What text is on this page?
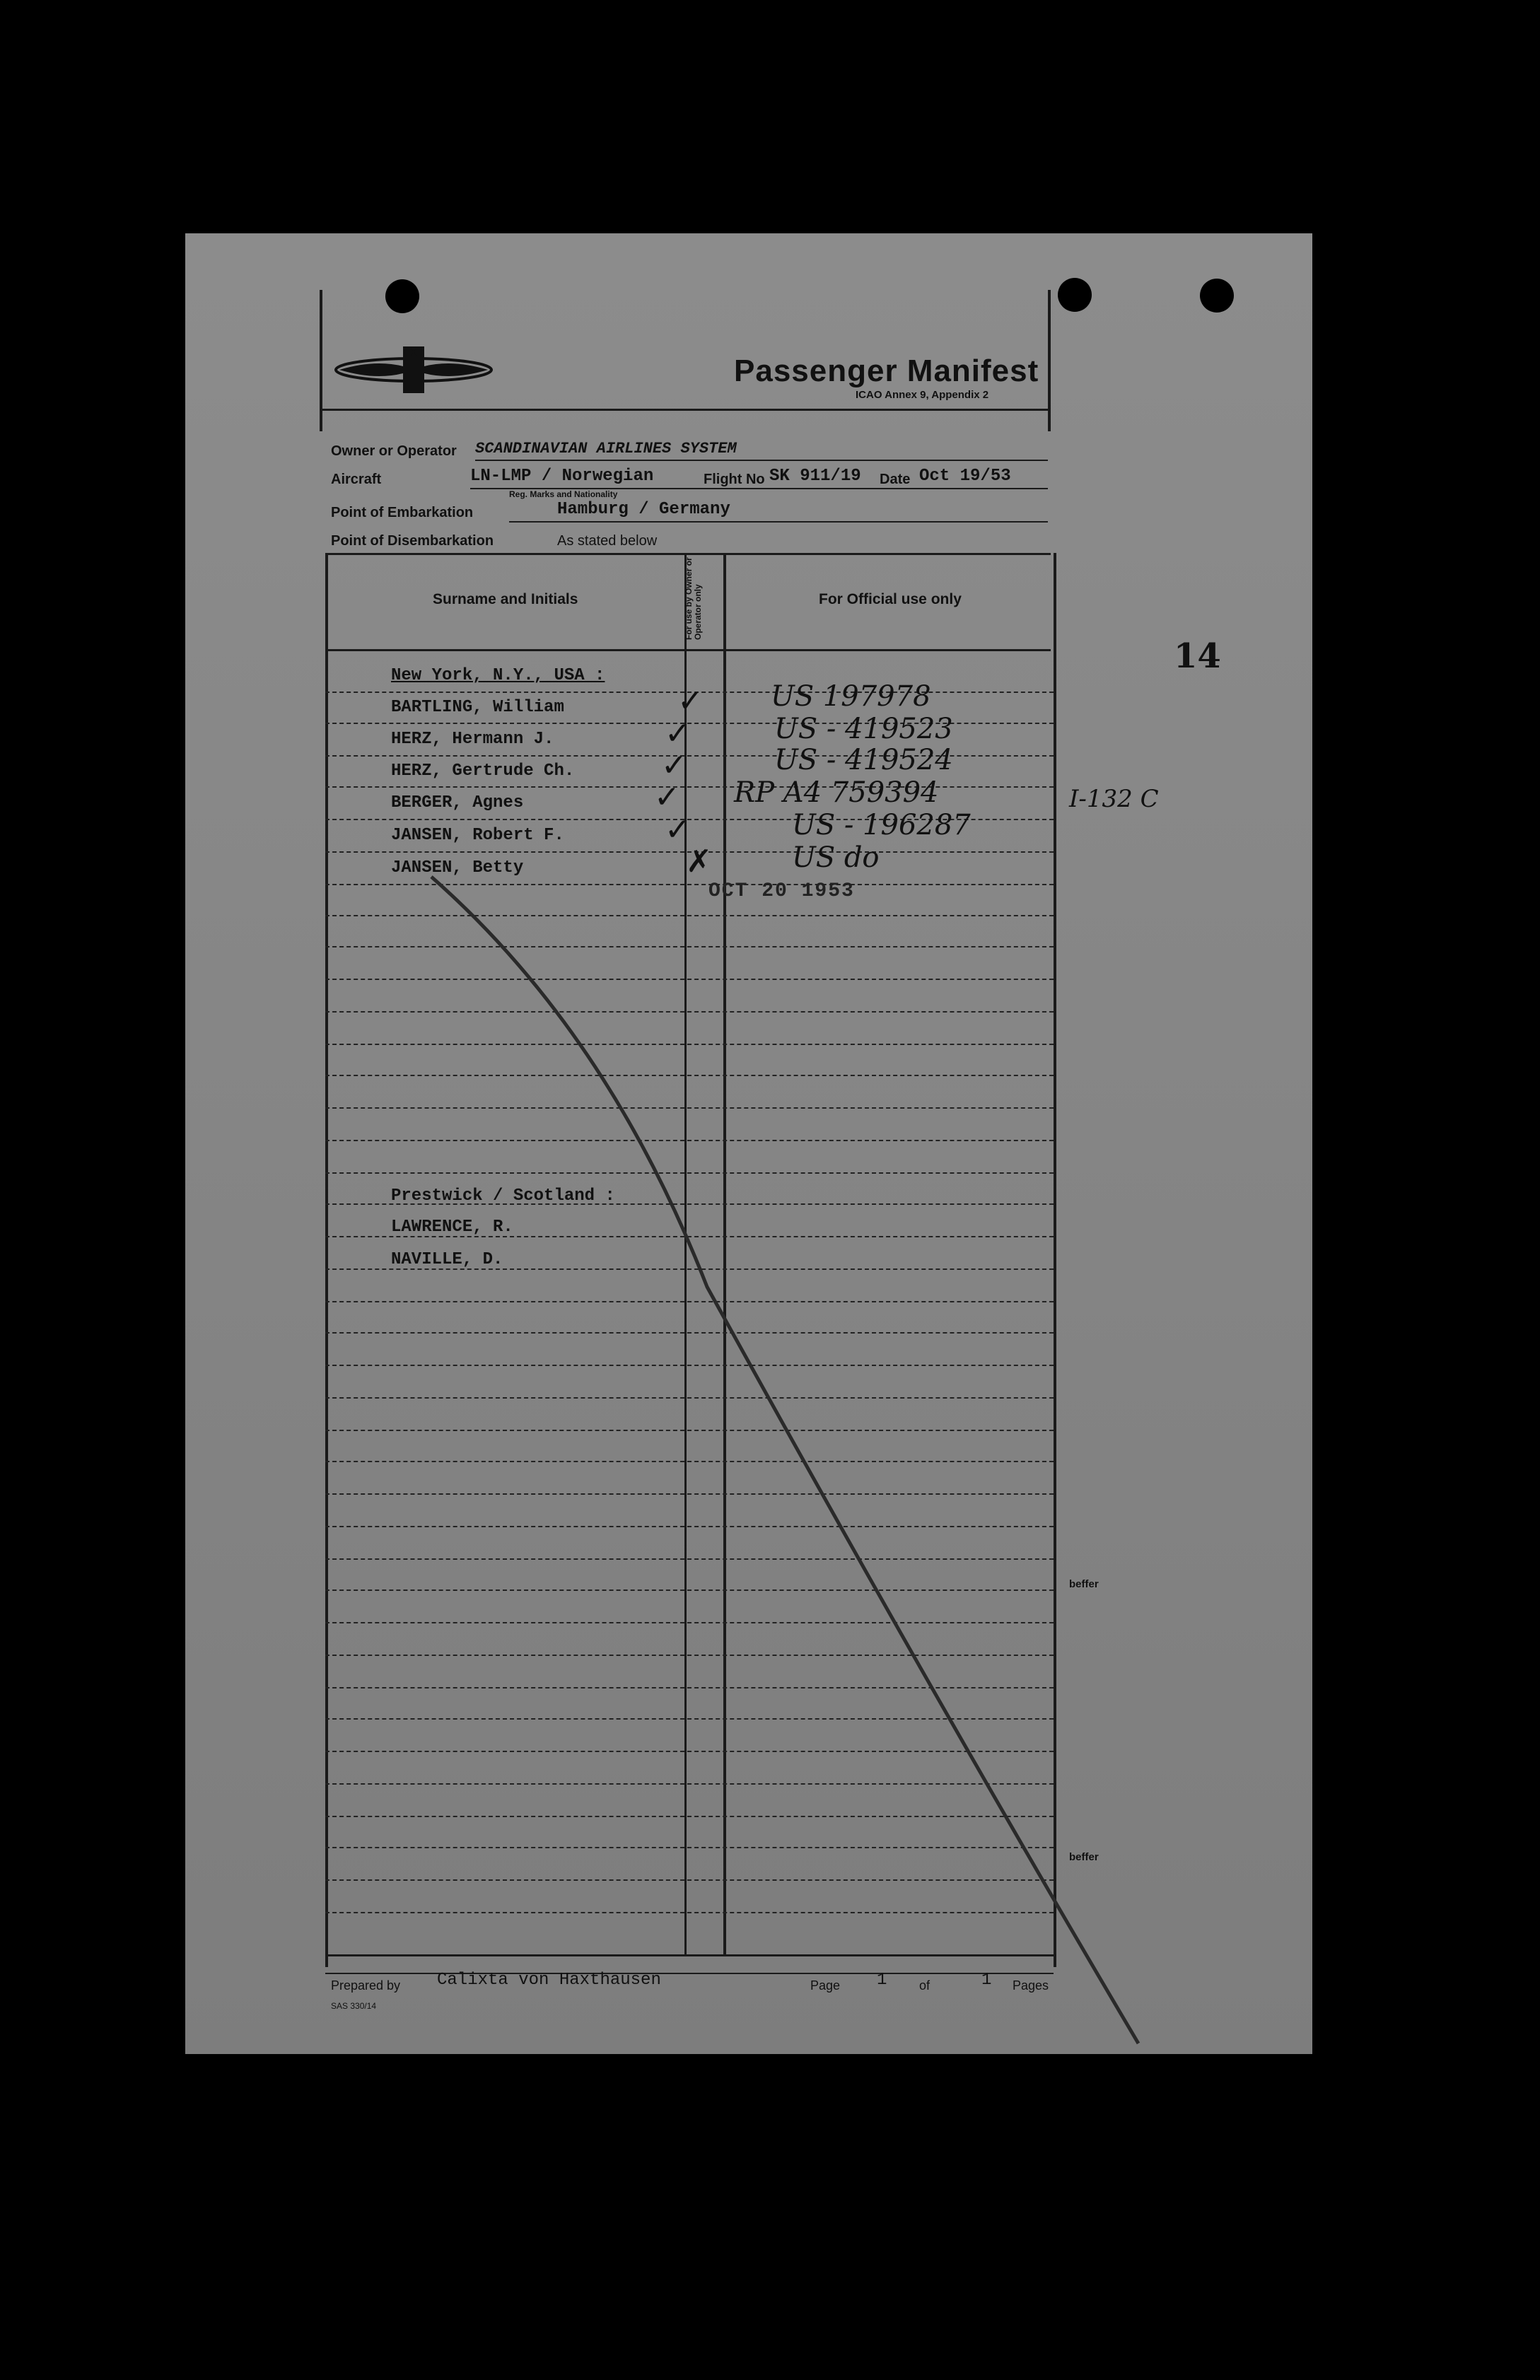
Passenger Manifest
ICAO Annex 9, Appendix 2
Owner or Operator SCANDINAVIAN AIRLINES SYSTEM
Aircraft	LN-LMP / Norwegian
Reg. Marks and Nationality
Flight No SK 911/19 Date Oct 19/53
Point of Embarkation	Hamburg / Germany
Point of Disembarkation	As stated below
Surname and Initials	For use by Owner or Operator only	For Official use only
New York, N.Y., USA :
BARTLING, William	✓ US 197978
HERZ, Hermann J.	✓	US - 419523
HERZ, Gertrude Ch.	✓	US - 419524
BERGER, Agnes	✓ RP A4 759394
JANSEN, Robert F.	✓	US - 196287
JANSEN, Betty	✗	US do
OCT 20 1953
Prestwick / Scotland :
LAWRENCE, R.
NAVILLE, D.
14
I-132 C
beffer
beffer
Prepared by Calixta von Haxthausen	Page 1	of	1 Pages
SAS 330/14
